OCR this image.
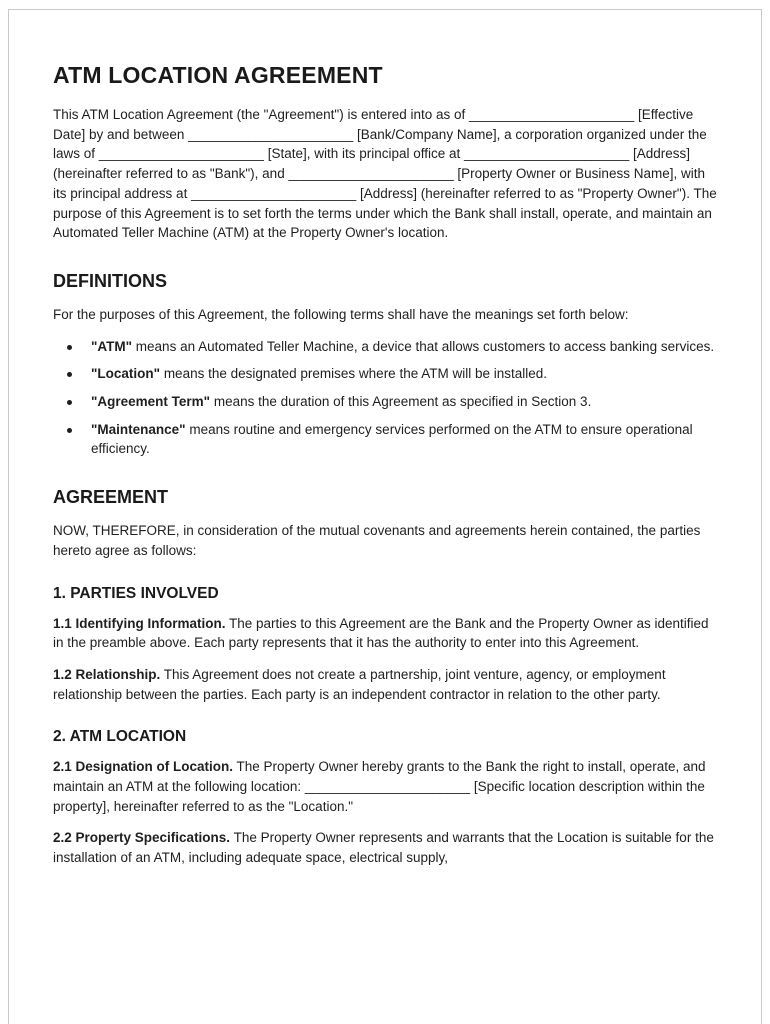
ATM LOCATION AGREEMENT

This ATM Location Agreement (the "Agreement") is entered into as of ______________________ [Effective Date] by and between ______________________ [Bank/Company Name], a corporation organized under the laws of ______________________ [State], with its principal office at ______________________ [Address] (hereinafter referred to as "Bank"), and ______________________ [Property Owner or Business Name], with its principal address at ______________________ [Address] (hereinafter referred to as "Property Owner"). The purpose of this Agreement is to set forth the terms under which the Bank shall install, operate, and maintain an Automated Teller Machine (ATM) at the Property Owner's location.

DEFINITIONS

For the purposes of this Agreement, the following terms shall have the meanings set forth below:

"ATM" means an Automated Teller Machine, a device that allows customers to access banking services.
"Location" means the designated premises where the ATM will be installed.
"Agreement Term" means the duration of this Agreement as specified in Section 3.
"Maintenance" means routine and emergency services performed on the ATM to ensure operational efficiency.
AGREEMENT

NOW, THEREFORE, in consideration of the mutual covenants and agreements herein contained, the parties hereto agree as follows:

1. PARTIES INVOLVED

1.1 Identifying Information. The parties to this Agreement are the Bank and the Property Owner as identified in the preamble above. Each party represents that it has the authority to enter into this Agreement.

1.2 Relationship. This Agreement does not create a partnership, joint venture, agency, or employment relationship between the parties. Each party is an independent contractor in relation to the other party.

2. ATM LOCATION

2.1 Designation of Location. The Property Owner hereby grants to the Bank the right to install, operate, and maintain an ATM at the following location: ______________________ [Specific location description within the property], hereinafter referred to as the "Location."

2.2 Property Specifications. The Property Owner represents and warrants that the Location is suitable for the installation of an ATM, including adequate space, electrical supply,
